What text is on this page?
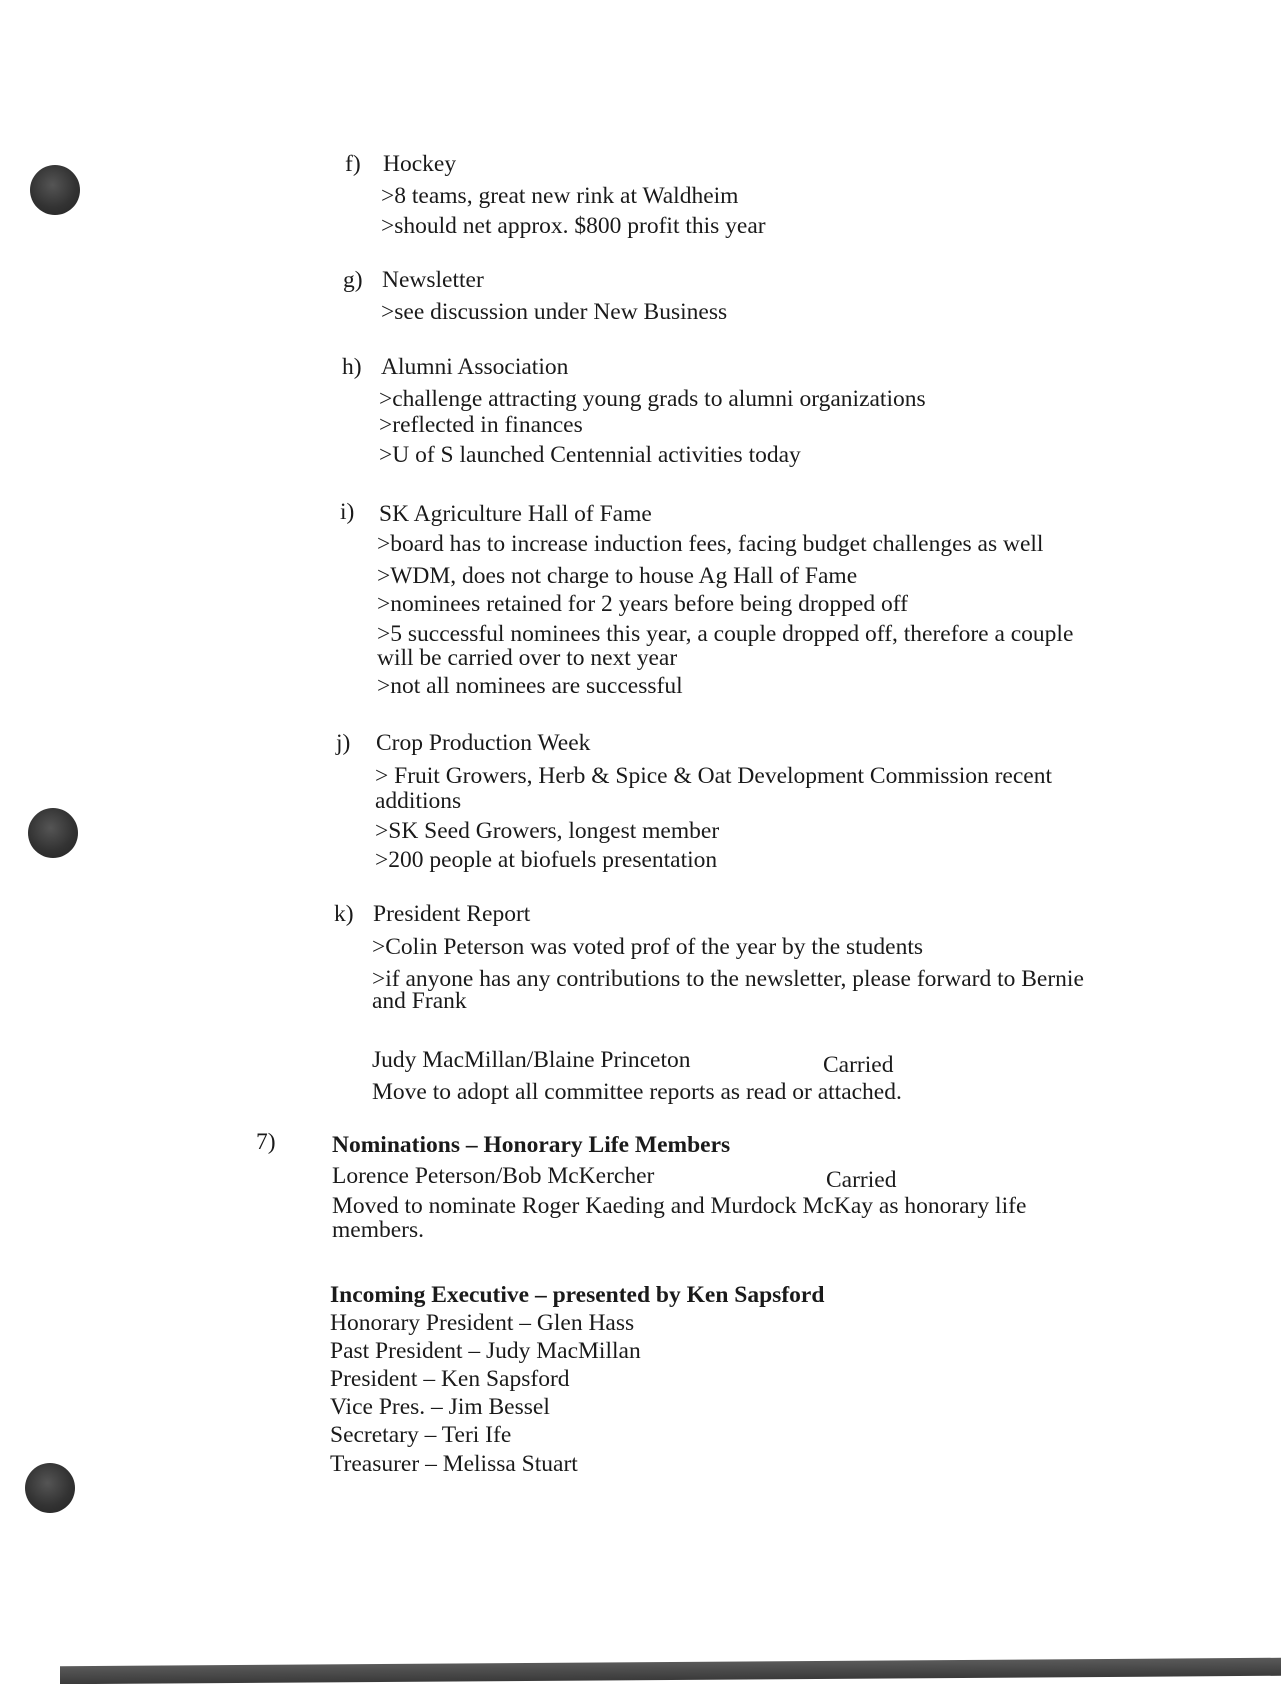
f) Hockey
>8 teams, great new rink at Waldheim
>should net approx. $800 profit this year
g) Newsletter
>see discussion under New Business
h) Alumni Association
>challenge attracting young grads to alumni organizations
>reflected in finances
>U of S launched Centennial activities today
i) SK Agriculture Hall of Fame
>board has to increase induction fees, facing budget challenges as well
>WDM, does not charge to house Ag Hall of Fame
>nominees retained for 2 years before being dropped off
>5 successful nominees this year, a couple dropped off, therefore a couple
will be carried over to next year
>not all nominees are successful
j) Crop Production Week
> Fruit Growers, Herb & Spice & Oat Development Commission recent
additions
>SK Seed Growers, longest member
>200 people at biofuels presentation
k) President Report
>Colin Peterson was voted prof of the year by the students
>if anyone has any contributions to the newsletter, please forward to Bernie
and Frank
Judy MacMillan/Blaine Princeton	Carried
Move to adopt all committee reports as read or attached.
7) Nominations – Honorary Life Members
Lorence Peterson/Bob McKercher	Carried
Moved to nominate Roger Kaeding and Murdock McKay as honorary life
members.
Incoming Executive – presented by Ken Sapsford
Honorary President – Glen Hass
Past President – Judy MacMillan
President – Ken Sapsford
Vice Pres. – Jim Bessel
Secretary – Teri Ife
Treasurer – Melissa Stuart
